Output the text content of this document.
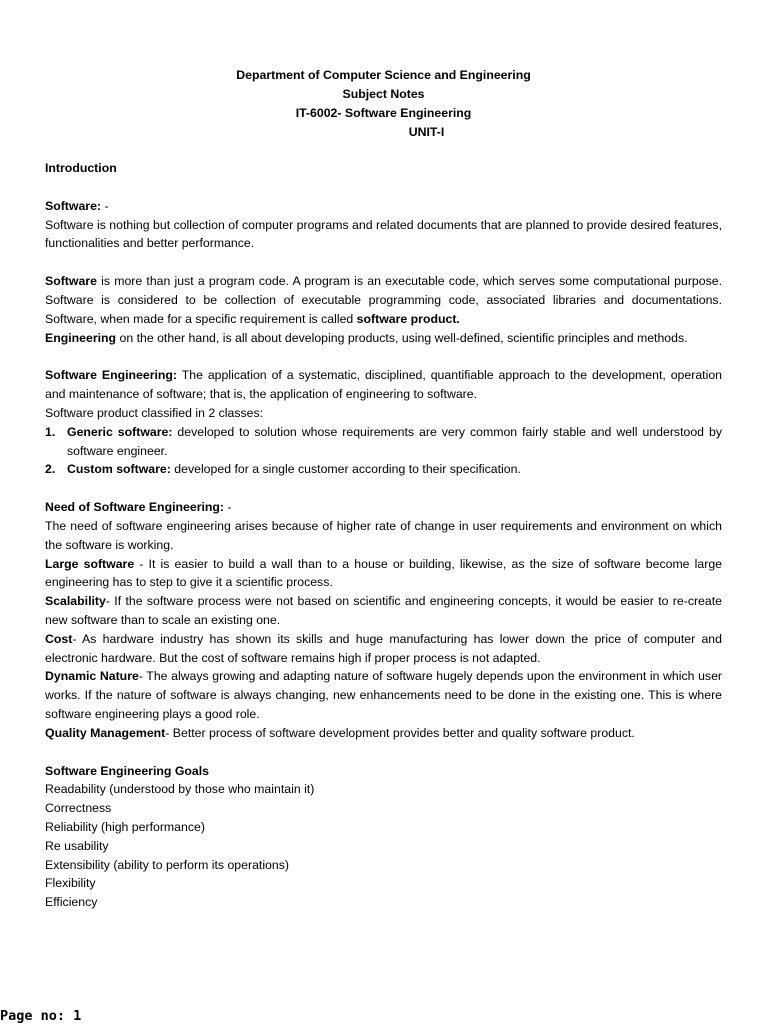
Department of Computer Science and Engineering
Subject Notes
IT-6002- Software Engineering
UNIT-I

Introduction

Software: -

Software is nothing but collection of computer programs and related documents that are planned to provide desired features, functionalities and better performance.

Software is more than just a program code. A program is an executable code, which serves some computational purpose. Software is considered to be collection of executable programming code, associated libraries and documentations. Software, when made for a specific requirement is called software product.

Engineering on the other hand, is all about developing products, using well-defined, scientific principles and methods.

Software Engineering: The application of a systematic, disciplined, quantifiable approach to the development, operation and maintenance of software; that is, the application of engineering to software.

Software product classified in 2 classes:

1. Generic software: developed to solution whose requirements are very common fairly stable and well understood by software engineer.

2. Custom software: developed for a single customer according to their specification.

Need of Software Engineering: -

The need of software engineering arises because of higher rate of change in user requirements and environment on which the software is working.

Large software - It is easier to build a wall than to a house or building, likewise, as the size of software become large engineering has to step to give it a scientific process.

Scalability- If the software process were not based on scientific and engineering concepts, it would be easier to re-create new software than to scale an existing one.

Cost- As hardware industry has shown its skills and huge manufacturing has lower down the price of computer and electronic hardware. But the cost of software remains high if proper process is not adapted.

Dynamic Nature- The always growing and adapting nature of software hugely depends upon the environment in which user works. If the nature of software is always changing, new enhancements need to be done in the existing one. This is where software engineering plays a good role.

Quality Management- Better process of software development provides better and quality software product.

Software Engineering Goals

Readability (understood by those who maintain it)

Correctness

Reliability (high performance)

Re usability

Extensibility (ability to perform its operations)

Flexibility

Efficiency

Page no: 1
